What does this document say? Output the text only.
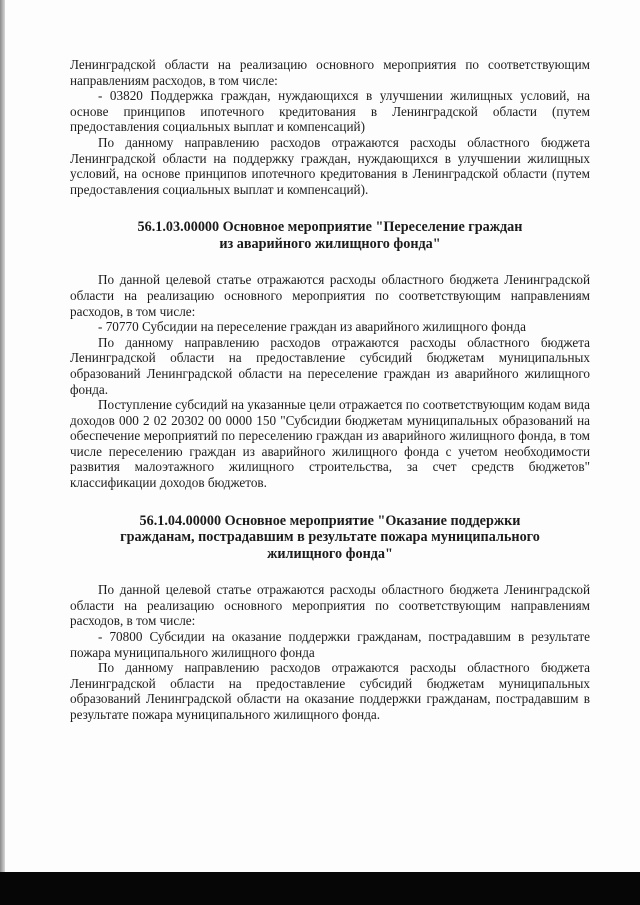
Ленинградской области на реализацию основного мероприятия по соответствующим направлениям расходов, в том числе:

- 03820 Поддержка граждан, нуждающихся в улучшении жилищных условий, на основе принципов ипотечного кредитования в Ленинградской области (путем предоставления социальных выплат и компенсаций)

По данному направлению расходов отражаются расходы областного бюджета Ленинградской области на поддержку граждан, нуждающихся в улучшении жилищных условий, на основе принципов ипотечного кредитования в Ленинградской области (путем предоставления социальных выплат и компенсаций).

56.1.03.00000 Основное мероприятие "Переселение граждан
из аварийного жилищного фонда"

По данной целевой статье отражаются расходы областного бюджета Ленинградской области на реализацию основного мероприятия по соответствующим направлениям расходов, в том числе:

- 70770 Субсидии на переселение граждан из аварийного жилищного фонда

По данному направлению расходов отражаются расходы областного бюджета Ленинградской области на предоставление субсидий бюджетам муниципальных образований Ленинградской области на переселение граждан из аварийного жилищного фонда.

Поступление субсидий на указанные цели отражается по соответствующим кодам вида доходов 000 2 02 20302 00 0000 150 "Субсидии бюджетам муниципальных образований на обеспечение мероприятий по переселению граждан из аварийного жилищного фонда, в том числе переселению граждан из аварийного жилищного фонда с учетом необходимости развития малоэтажного жилищного строительства, за счет средств бюджетов" классификации доходов бюджетов.

56.1.04.00000 Основное мероприятие "Оказание поддержки
гражданам, пострадавшим в результате пожара муниципального
жилищного фонда"

По данной целевой статье отражаются расходы областного бюджета Ленинградской области на реализацию основного мероприятия по соответствующим направлениям расходов, в том числе:

- 70800 Субсидии на оказание поддержки гражданам, пострадавшим в результате пожара муниципального жилищного фонда

По данному направлению расходов отражаются расходы областного бюджета Ленинградской области на предоставление субсидий бюджетам муниципальных образований Ленинградской области на оказание поддержки гражданам, пострадавшим в результате пожара муниципального жилищного фонда.
